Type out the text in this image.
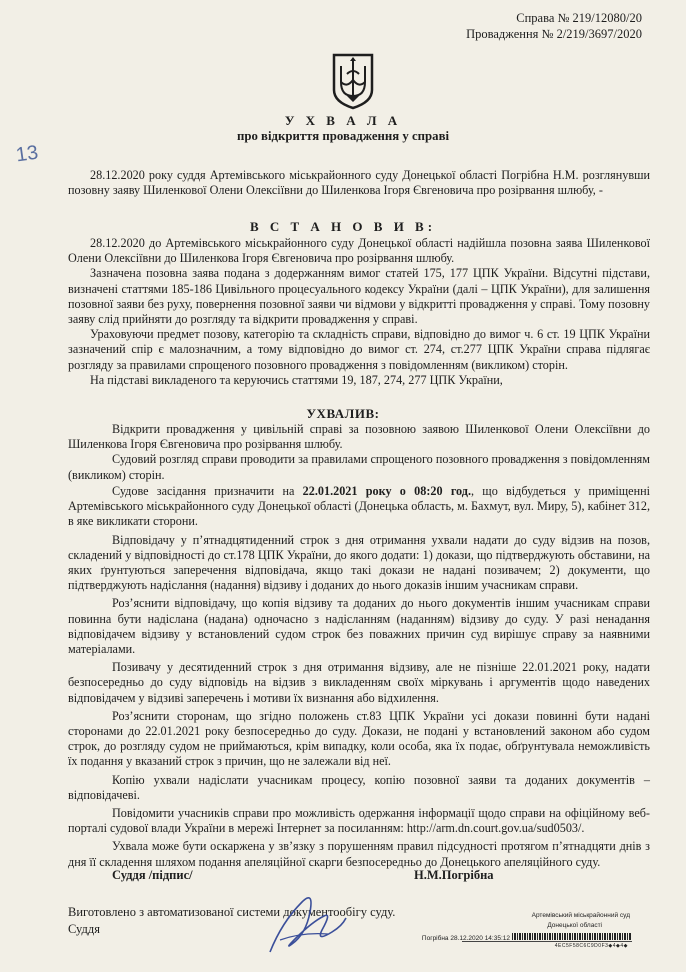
Справа № 219/12080/20
Провадження № 2/219/3697/2020
13
У Х В А Л А
про відкриття провадження у справі

28.12.2020 року суддя Артемівського міськрайонного суду Донецької області Погрібна Н.М. розглянувши позовну заяву Шиленкової Олени Олексіївни до Шиленкова Ігоря Євгеновича про розірвання шлюбу, -

В С Т А Н О В И В:

28.12.2020 до Артемівського міськрайонного суду Донецької області надійшла позовна заява Шиленкової Олени Олексіївни до Шиленкова Ігоря Євгеновича про розірвання шлюбу.

Зазначена позовна заява подана з додержанням вимог статей 175, 177 ЦПК України. Відсутні підстави, визначені статтями 185-186 Цивільного процесуального кодексу України (далі – ЦПК України), для залишення позовної заяви без руху, повернення позовної заяви чи відмови у відкритті провадження у справі. Тому позовну заяву слід прийняти до розгляду та відкрити провадження у справі.

Ураховуючи предмет позову, категорію та складність справи, відповідно до вимог ч. 6 ст. 19 ЦПК України зазначений спір є малозначним, а тому відповідно до вимог ст. 274, ст.277 ЦПК України справа підлягає розгляду за правилами спрощеного позовного провадження з повідомленням (викликом) сторін.

На підставі викладеного та керуючись статтями 19, 187, 274, 277 ЦПК України,

УХВАЛИВ:

Відкрити провадження у цивільній справі за позовною заявою Шиленкової Олени Олексіївни до Шиленкова Ігоря Євгеновича про розірвання шлюбу.

Судовий розгляд справи проводити за правилами спрощеного позовного провадження з повідомленням (викликом) сторін.

Судове засідання призначити на 22.01.2021 року о 08:20 год., що відбудеться у приміщенні Артемівського міськрайонного суду Донецької області (Донецька область, м. Бахмут, вул. Миру, 5), кабінет 312, в яке викликати сторони.

Відповідачу у п’ятнадцятиденний строк з дня отримання ухвали надати до суду відзив на позов, складений у відповідності до ст.178 ЦПК України, до якого додати: 1) докази, що підтверджують обставини, на яких ґрунтуються заперечення відповідача, якщо такі докази не надані позивачем; 2) документи, що підтверджують надіслання (надання) відзиву і доданих до нього доказів іншим учасникам справи.

Роз’яснити відповідачу, що копія відзиву та доданих до нього документів іншим учасникам справи повинна бути надіслана (надана) одночасно з надісланням (наданням) відзиву до суду. У разі ненадання відповідачем відзиву у встановлений судом строк без поважних причин суд вирішує справу за наявними матеріалами.

Позивачу у десятиденний строк з дня отримання відзиву, але не пізніше 22.01.2021 року, надати безпосередньо до суду відповідь на відзив з викладенням своїх міркувань і аргументів щодо наведених відповідачем у відзиві заперечень і мотиви їх визнання або відхилення.

Роз’яснити сторонам, що згідно положень ст.83 ЦПК України усі докази повинні бути надані сторонами до 22.01.2021 року безпосередньо до суду. Докази, не подані у встановлений законом або судом строк, до розгляду судом не приймаються, крім випадку, коли особа, яка їх подає, обґрунтувала неможливість їх подання у вказаний строк з причин, що не залежали від неї.

Копію ухвали надіслати учасникам процесу, копію позовної заяви та доданих документів – відповідачеві.

Повідомити учасників справи про можливість одержання інформації щодо справи на офіційному веб-порталі судової влади України в мережі Інтернет за посиланням: http://arm.dn.court.gov.ua/sud0503/.

Ухвала може бути оскаржена у зв’язку з порушенням правил підсудності протягом п’ятнадцяти днів з дня її складення шляхом подання апеляційної скарги безпосередньо до Донецького апеляційного суду.

Суддя /підпис/	Н.М.Погрібна
Виготовлено з автоматизованої системи документообігу суду.
Суддя
Артемівський міськрайонний суд
Донецької області
Погрібна 28.12.2020 14:35:12
4EC5F58C6C9D0F3◆4◆4◆
